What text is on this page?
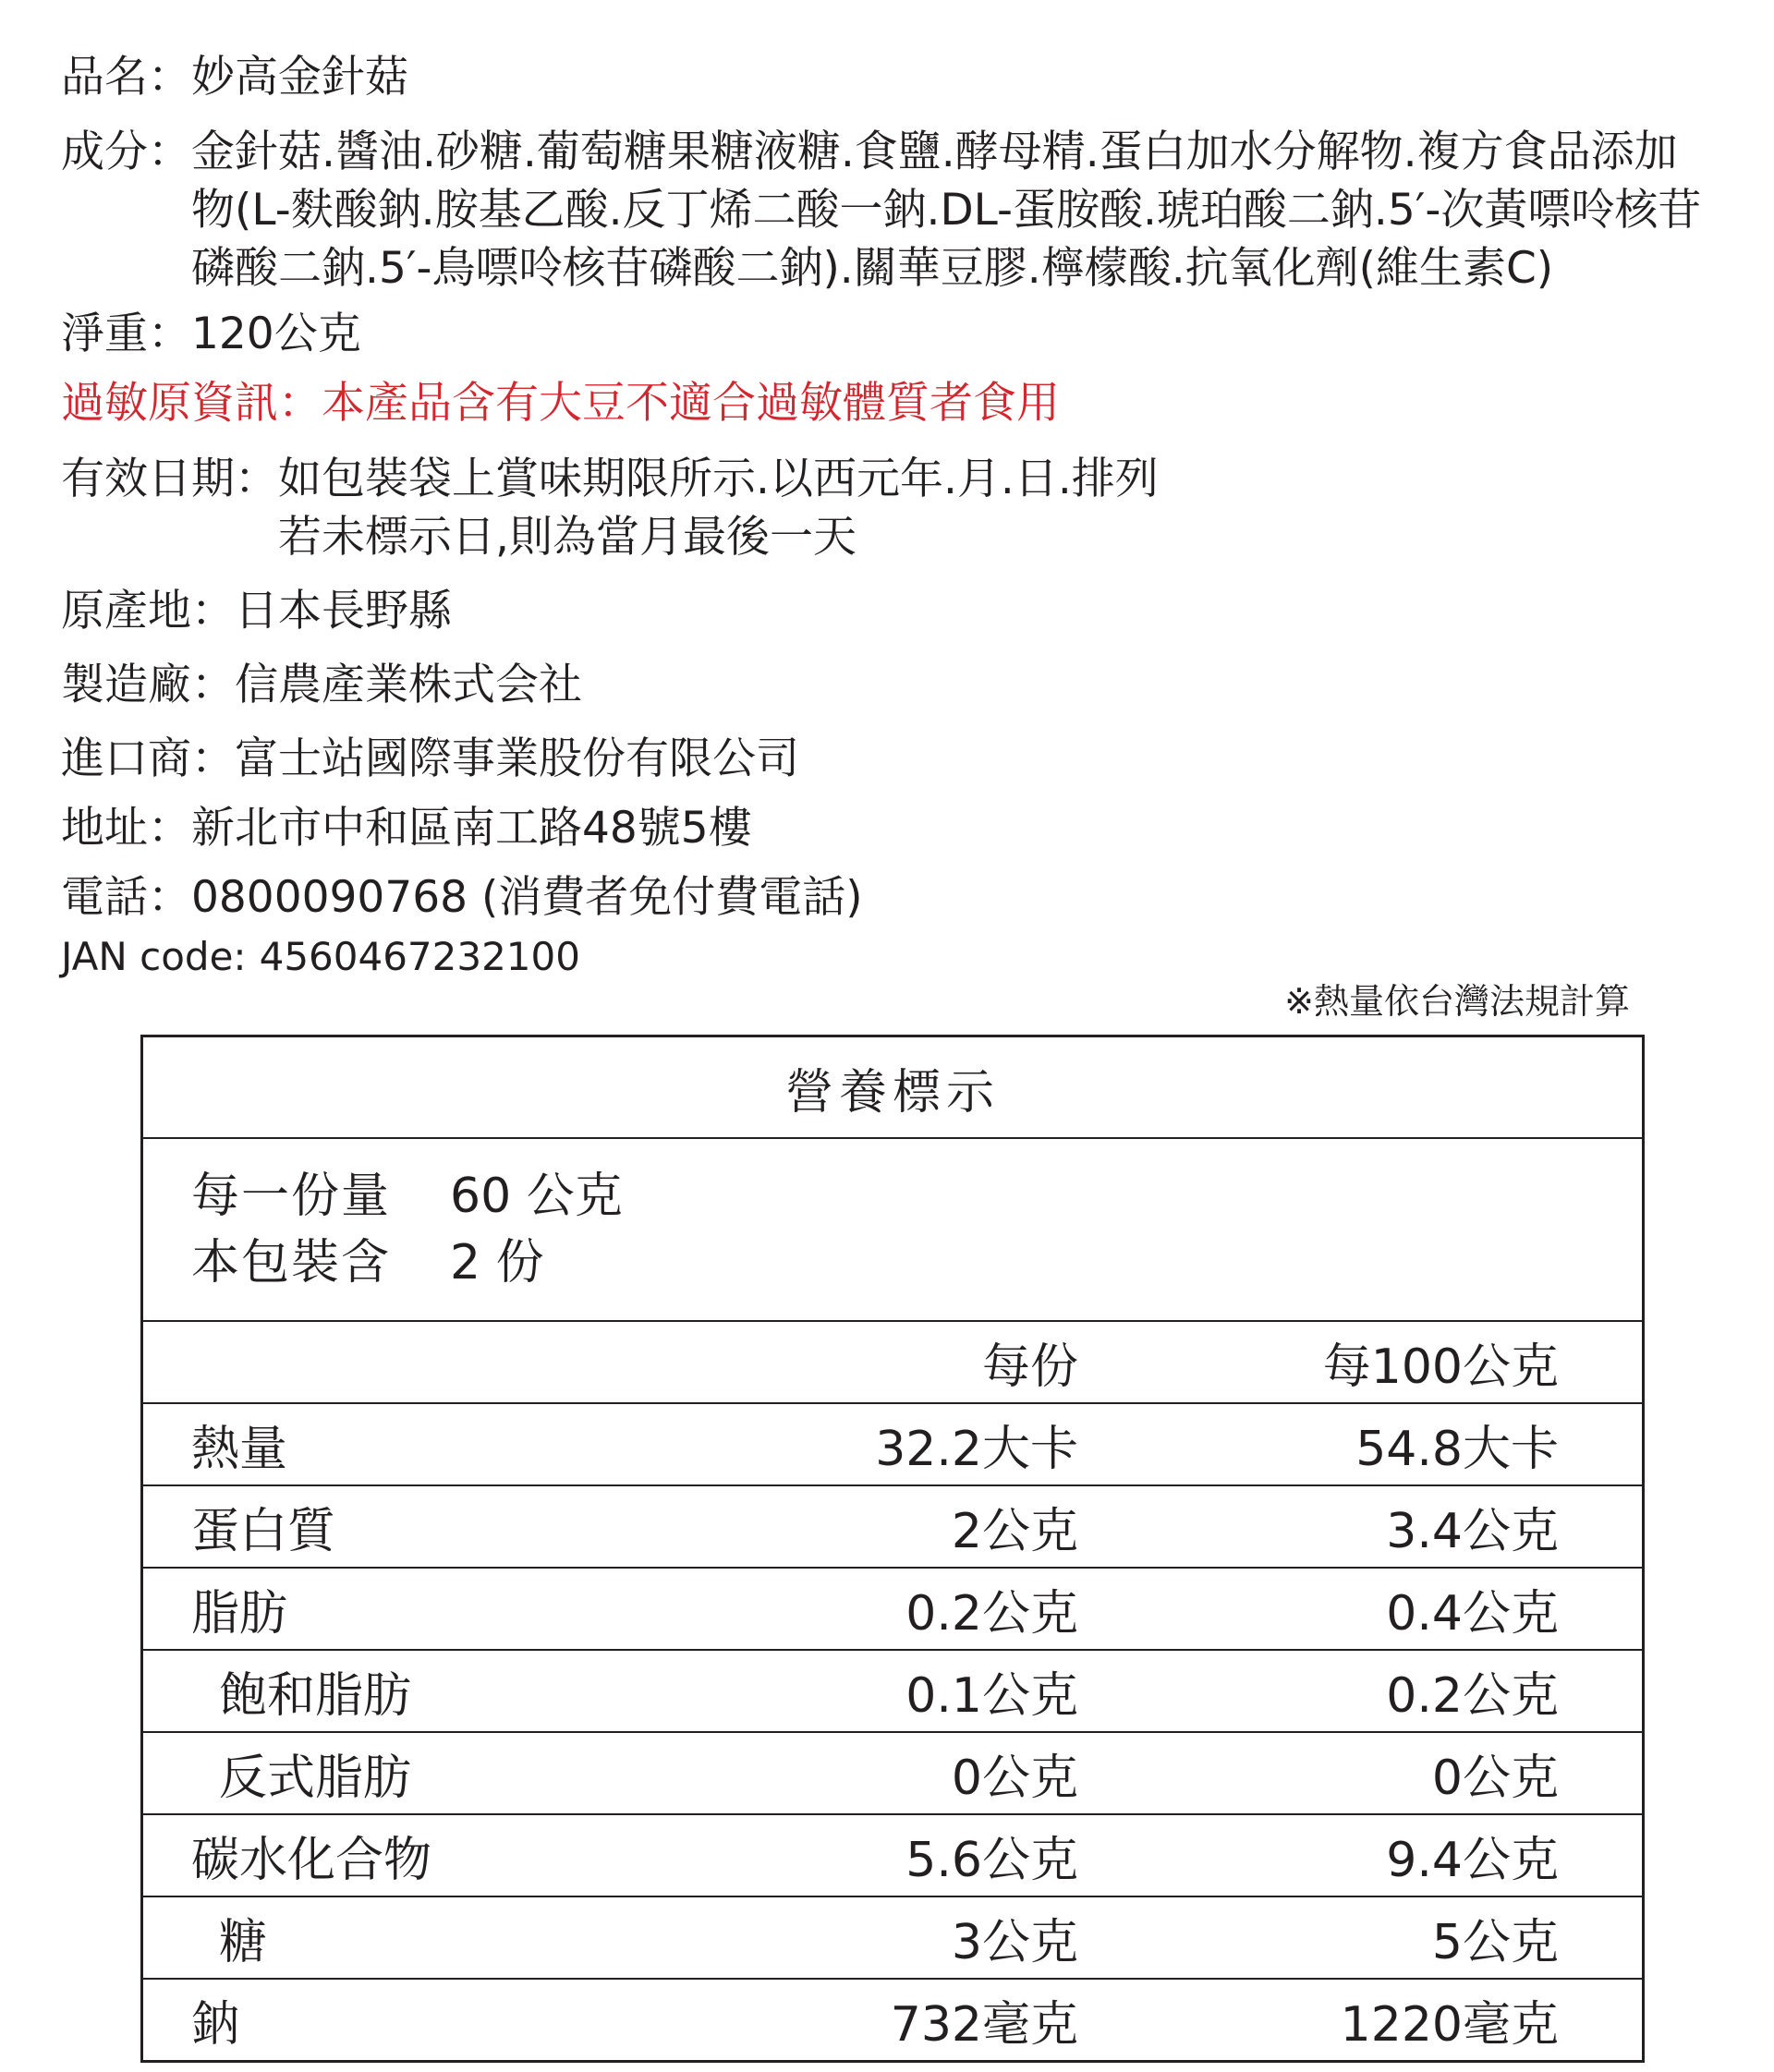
品名： 妙高金針菇
成分： 金針菇.醬油.砂糖.葡萄糖果糖液糖.食鹽.酵母精.蛋白加水分解物.複方食品添加物(L-麩酸鈉.胺基乙酸.反丁烯二酸一鈉.DL-蛋胺酸.琥珀酸二鈉.5′-次黃嘌呤核苷磷酸二鈉.5′-鳥嘌呤核苷磷酸二鈉).關華豆膠.檸檬酸.抗氧化劑(維生素C)
淨重： 120公克
過敏原資訊： 本產品含有大豆不適合過敏體質者食用
有效日期： 如包裝袋上賞味期限所示.以西元年.月.日.排列
若未標示日,則為當月最後一天
原產地： 日本長野縣
製造廠： 信農產業株式会社
進口商： 富士站國際事業股份有限公司
地址： 新北市中和區南工路48號5樓
電話： 0800090768 (消費者免付費電話)
JAN code: 4560467232100
※熱量依台灣法規計算
營養標示		

每一份量 60 公克
本包裝含 2 份		

	每份	每100公克
熱量	32.2大卡	54.8大卡
蛋白質	2公克	3.4公克
脂肪	0.2公克	0.4公克
飽和脂肪	0.1公克	0.2公克
反式脂肪	0公克	0公克
碳水化合物	5.6公克	9.4公克
糖	3公克	5公克
鈉	732毫克	1220毫克
